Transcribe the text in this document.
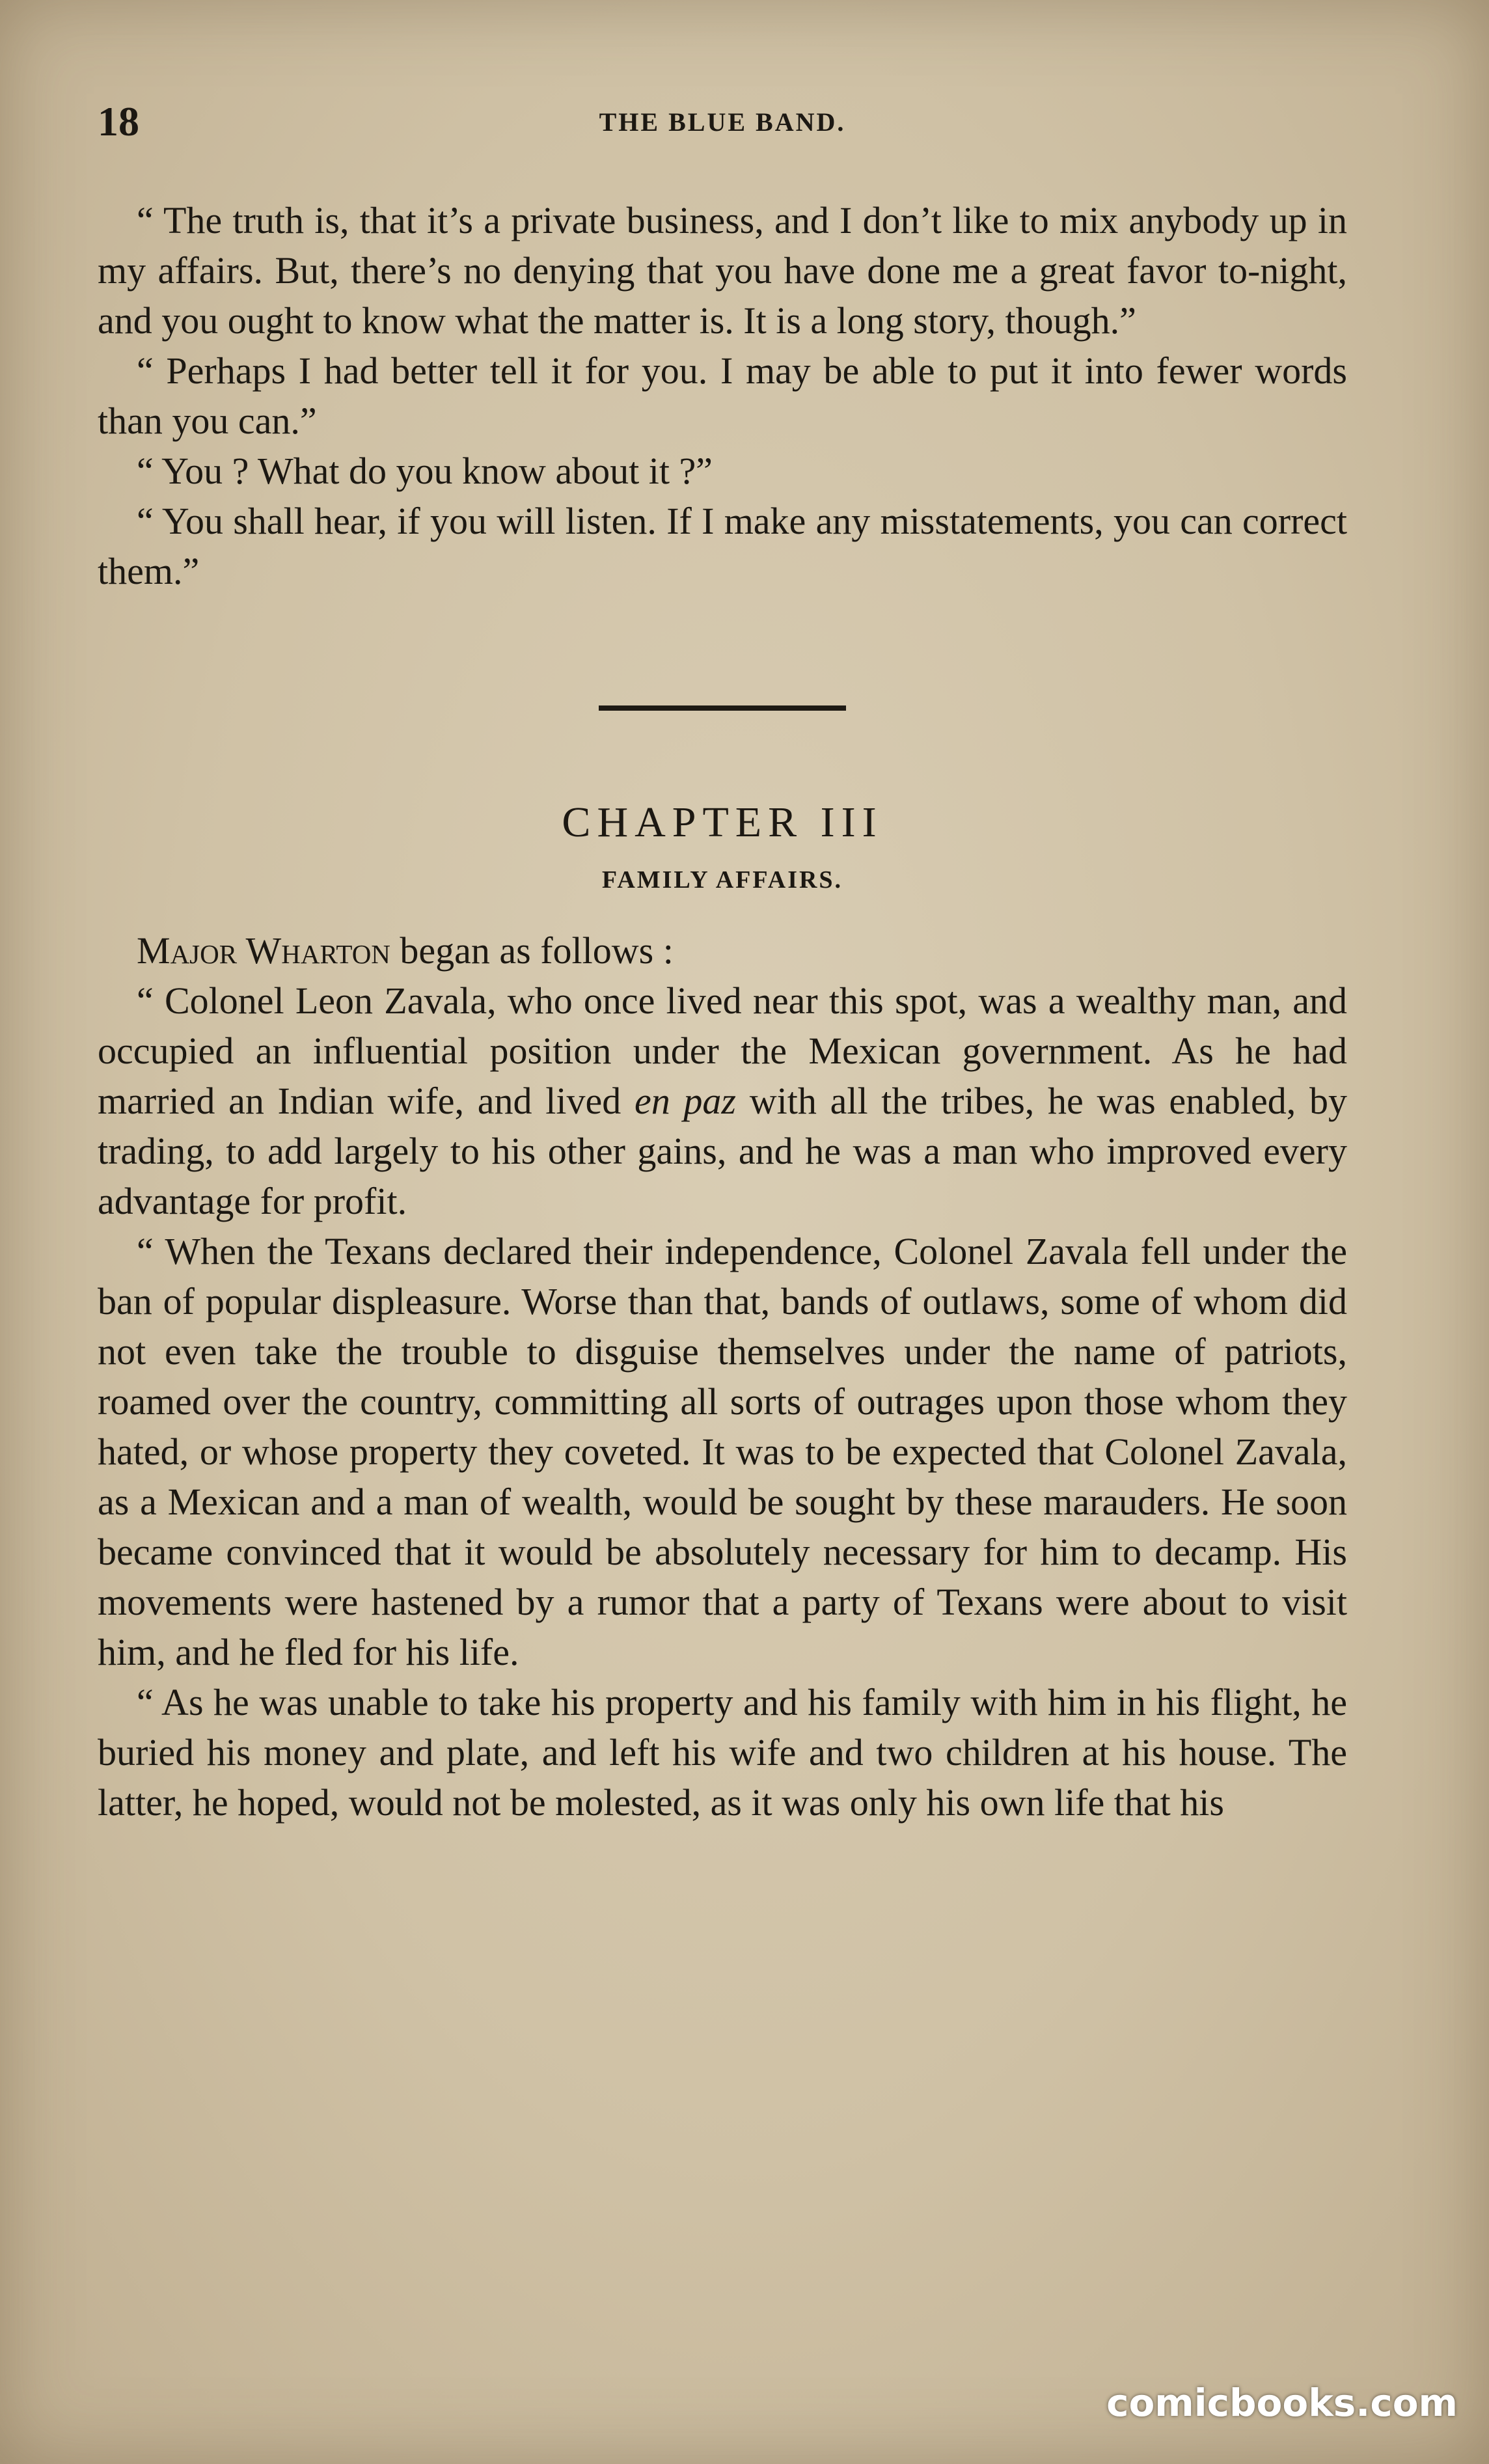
18	THE BLUE BAND.

“ The truth is, that it’s a private business, and I don’t like to mix anybody up in my affairs. But, there’s no denying that you have done me a great favor to-night, and you ought to know what the matter is. It is a long story, though.”

“ Perhaps I had better tell it for you. I may be able to put it into fewer words than you can.”

“ You ? What do you know about it ?”

“ You shall hear, if you will listen. If I make any misstatements, you can correct them.”

CHAPTER III
FAMILY AFFAIRS.

Major Wharton began as follows :

“ Colonel Leon Zavala, who once lived near this spot, was a wealthy man, and occupied an influential position under the Mexican government. As he had married an Indian wife, and lived en paz with all the tribes, he was enabled, by trading, to add largely to his other gains, and he was a man who improved every advantage for profit.

“ When the Texans declared their independence, Colonel Zavala fell under the ban of popular displeasure. Worse than that, bands of outlaws, some of whom did not even take the trouble to disguise themselves under the name of patriots, roamed over the country, committing all sorts of outrages upon those whom they hated, or whose property they coveted. It was to be expected that Colonel Zavala, as a Mexican and a man of wealth, would be sought by these marauders. He soon became convinced that it would be absolutely necessary for him to decamp. His movements were hastened by a rumor that a party of Texans were about to visit him, and he fled for his life.

“ As he was unable to take his property and his family with him in his flight, he buried his money and plate, and left his wife and two children at his house. The latter, he hoped, would not be molested, as it was only his own life that his

comicbooks.com
